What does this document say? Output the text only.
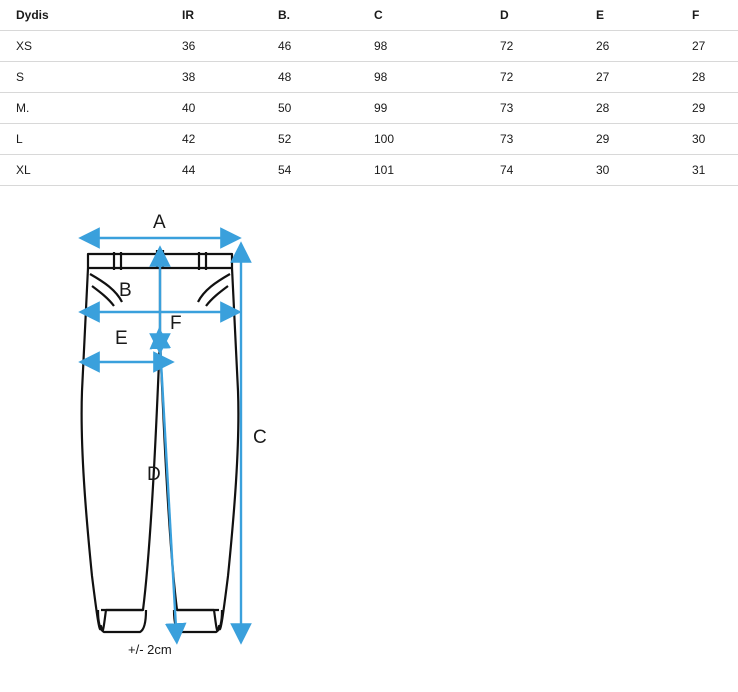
Dydis	IR	B.	C	D	E	F
XS	36	46	98	72	26	27
S	38	48	98	72	27	28
M.	40	50	99	73	28	29
L	42	52	100	73	29	30
XL	44	54	101	74	30	31
A
B
C
D
E
F
+/- 2cm
